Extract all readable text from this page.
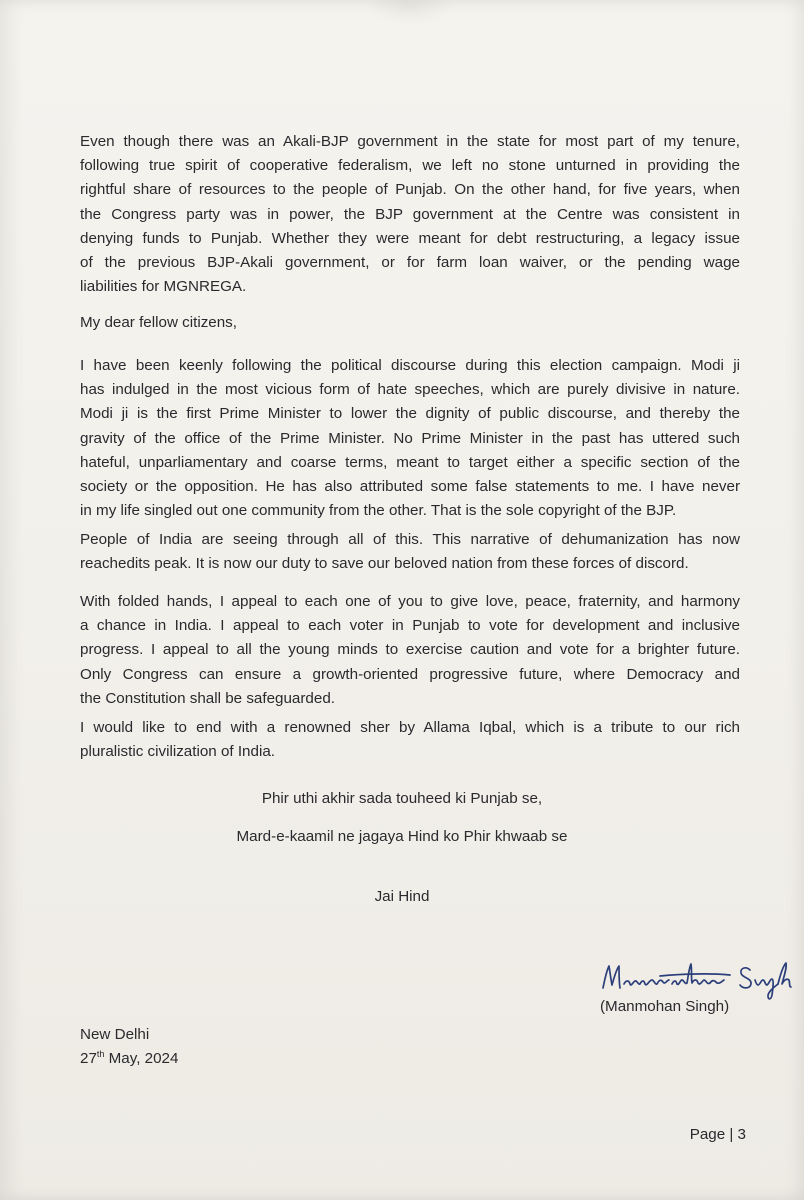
Even though there was an Akali-BJP government in the state for most part of my tenure,
following true spirit of cooperative federalism, we left no stone unturned in providing the
rightful share of resources to the people of Punjab. On the other hand, for five years, when
the Congress party was in power, the BJP government at the Centre was consistent in
denying funds to Punjab. Whether they were meant for debt restructuring, a legacy issue
of the previous BJP-Akali government, or for farm loan waiver, or the pending wage
liabilities for MGNREGA.

My dear fellow citizens,

I have been keenly following the political discourse during this election campaign. Modi ji
has indulged in the most vicious form of hate speeches, which are purely divisive in nature.
Modi ji is the first Prime Minister to lower the dignity of public discourse, and thereby the
gravity of the office of the Prime Minister. No Prime Minister in the past has uttered such
hateful, unparliamentary and coarse terms, meant to target either a specific section of the
society or the opposition. He has also attributed some false statements to me. I have never
in my life singled out one community from the other. That is the sole copyright of the BJP.

People of India are seeing through all of this. This narrative of dehumanization has now
reachedits peak. It is now our duty to save our beloved nation from these forces of discord.

With folded hands, I appeal to each one of you to give love, peace, fraternity, and harmony
a chance in India. I appeal to each voter in Punjab to vote for development and inclusive
progress. I appeal to all the young minds to exercise caution and vote for a brighter future.
Only Congress can ensure a growth-oriented progressive future, where Democracy and
the Constitution shall be safeguarded.

I would like to end with a renowned sher by Allama Iqbal, which is a tribute to our rich
pluralistic civilization of India.

Phir uthi akhir sada touheed ki Punjab se,

Mard-e-kaamil ne jagaya Hind ko Phir khwaab se

Jai Hind

(Manmohan Singh)
New Delhi
27th May, 2024
Page | 3
